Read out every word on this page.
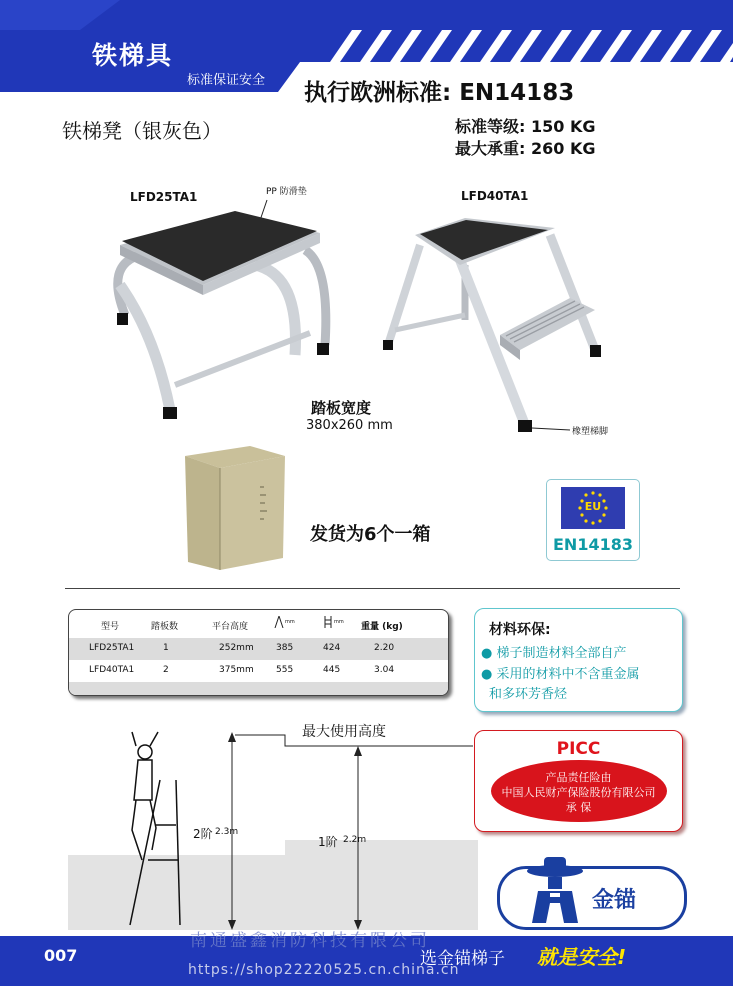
铁梯具
标准保证安全 执行欧洲标准: EN14183
铁梯凳（银灰色）	标准等级: 150 KG
最大承重: 260 KG
LFD25TA1	PP 防滑垫	LFD40TA1
橡塑梯脚
踏板宽度
380x260 mm
发货为6个一箱
EU
EN14183
型号	踏板数	平台高度	mm	mm 重量 (kg)
LFD25TA1	1	252mm 385	424	2.20
LFD40TA1	2	375mm 555	445	3.04
材料环保:
● 梯子制造材料全部自产
● 采用的材料中不含重金属
和多环芳香烃
PICC
产品责任险由
中国人民财产保险股份有限公司
承 保
最大使用高度
2阶 2.3m
1阶 2.2m
金锚
007
南通盛鑫消防科技有限公司
选金锚梯子 就是安全!
https://shop22220525.cn.china.cn
